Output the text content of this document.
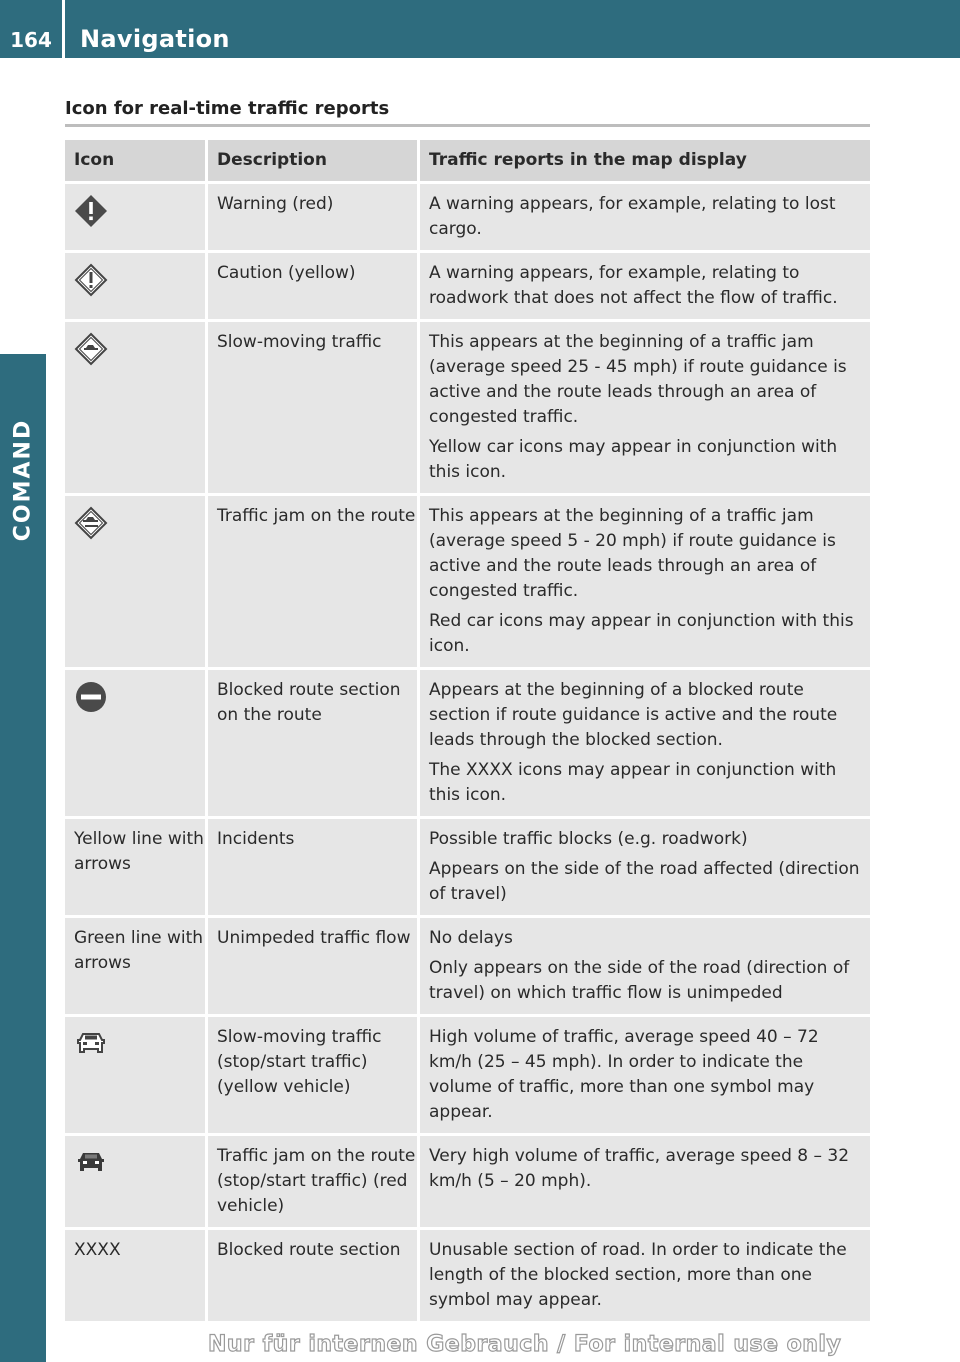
164	Navigation
COMAND
Icon for real-time traffic reports
Icon	Description	Traffic reports in the map display
	Warning (red)	A warning appears, for example, relating to lost cargo.

	Caution (yellow)	A warning appears, for example, relating to roadwork that does not affect the flow of traffic.

	Slow-moving traffic	This appears at the beginning of a traffic jam (average speed 25 - 45 mph) if route guidance is active and the route leads through an area of congested traffic.

Yellow car icons may appear in conjunction with this icon.

	Traffic jam on the route	This appears at the beginning of a traffic jam (average speed 5 - 20 mph) if route guidance is active and the route leads through an area of congested traffic.

Red car icons may appear in conjunction with this icon.

	Blocked route section on the route	Appears at the beginning of a blocked route section if route guidance is active and the route leads through the blocked section.

The XXXX icons may appear in conjunction with this icon.

Yellow line with arrows	Incidents	Possible traffic blocks (e.g. roadwork)

Appears on the side of the road affected (direction of travel)

Green line with arrows	Unimpeded traffic flow	No delays

Only appears on the side of the road (direction of travel) on which traffic flow is unimpeded

	Slow-moving traffic (stop/start traffic) (yellow vehicle)	High volume of traffic, average speed 40 – 72 km/h (25 – 45 mph). In order to indicate the volume of traffic, more than one symbol may appear.

	Traffic jam on the route (stop/start traffic) (red vehicle)	Very high volume of traffic, average speed 8 – 32 km/h (5 – 20 mph).

XXXX	Blocked route section	Unusable section of road. In order to indicate the length of the blocked section, more than one symbol may appear.

Nur für internen Gebrauch / For internal use only
